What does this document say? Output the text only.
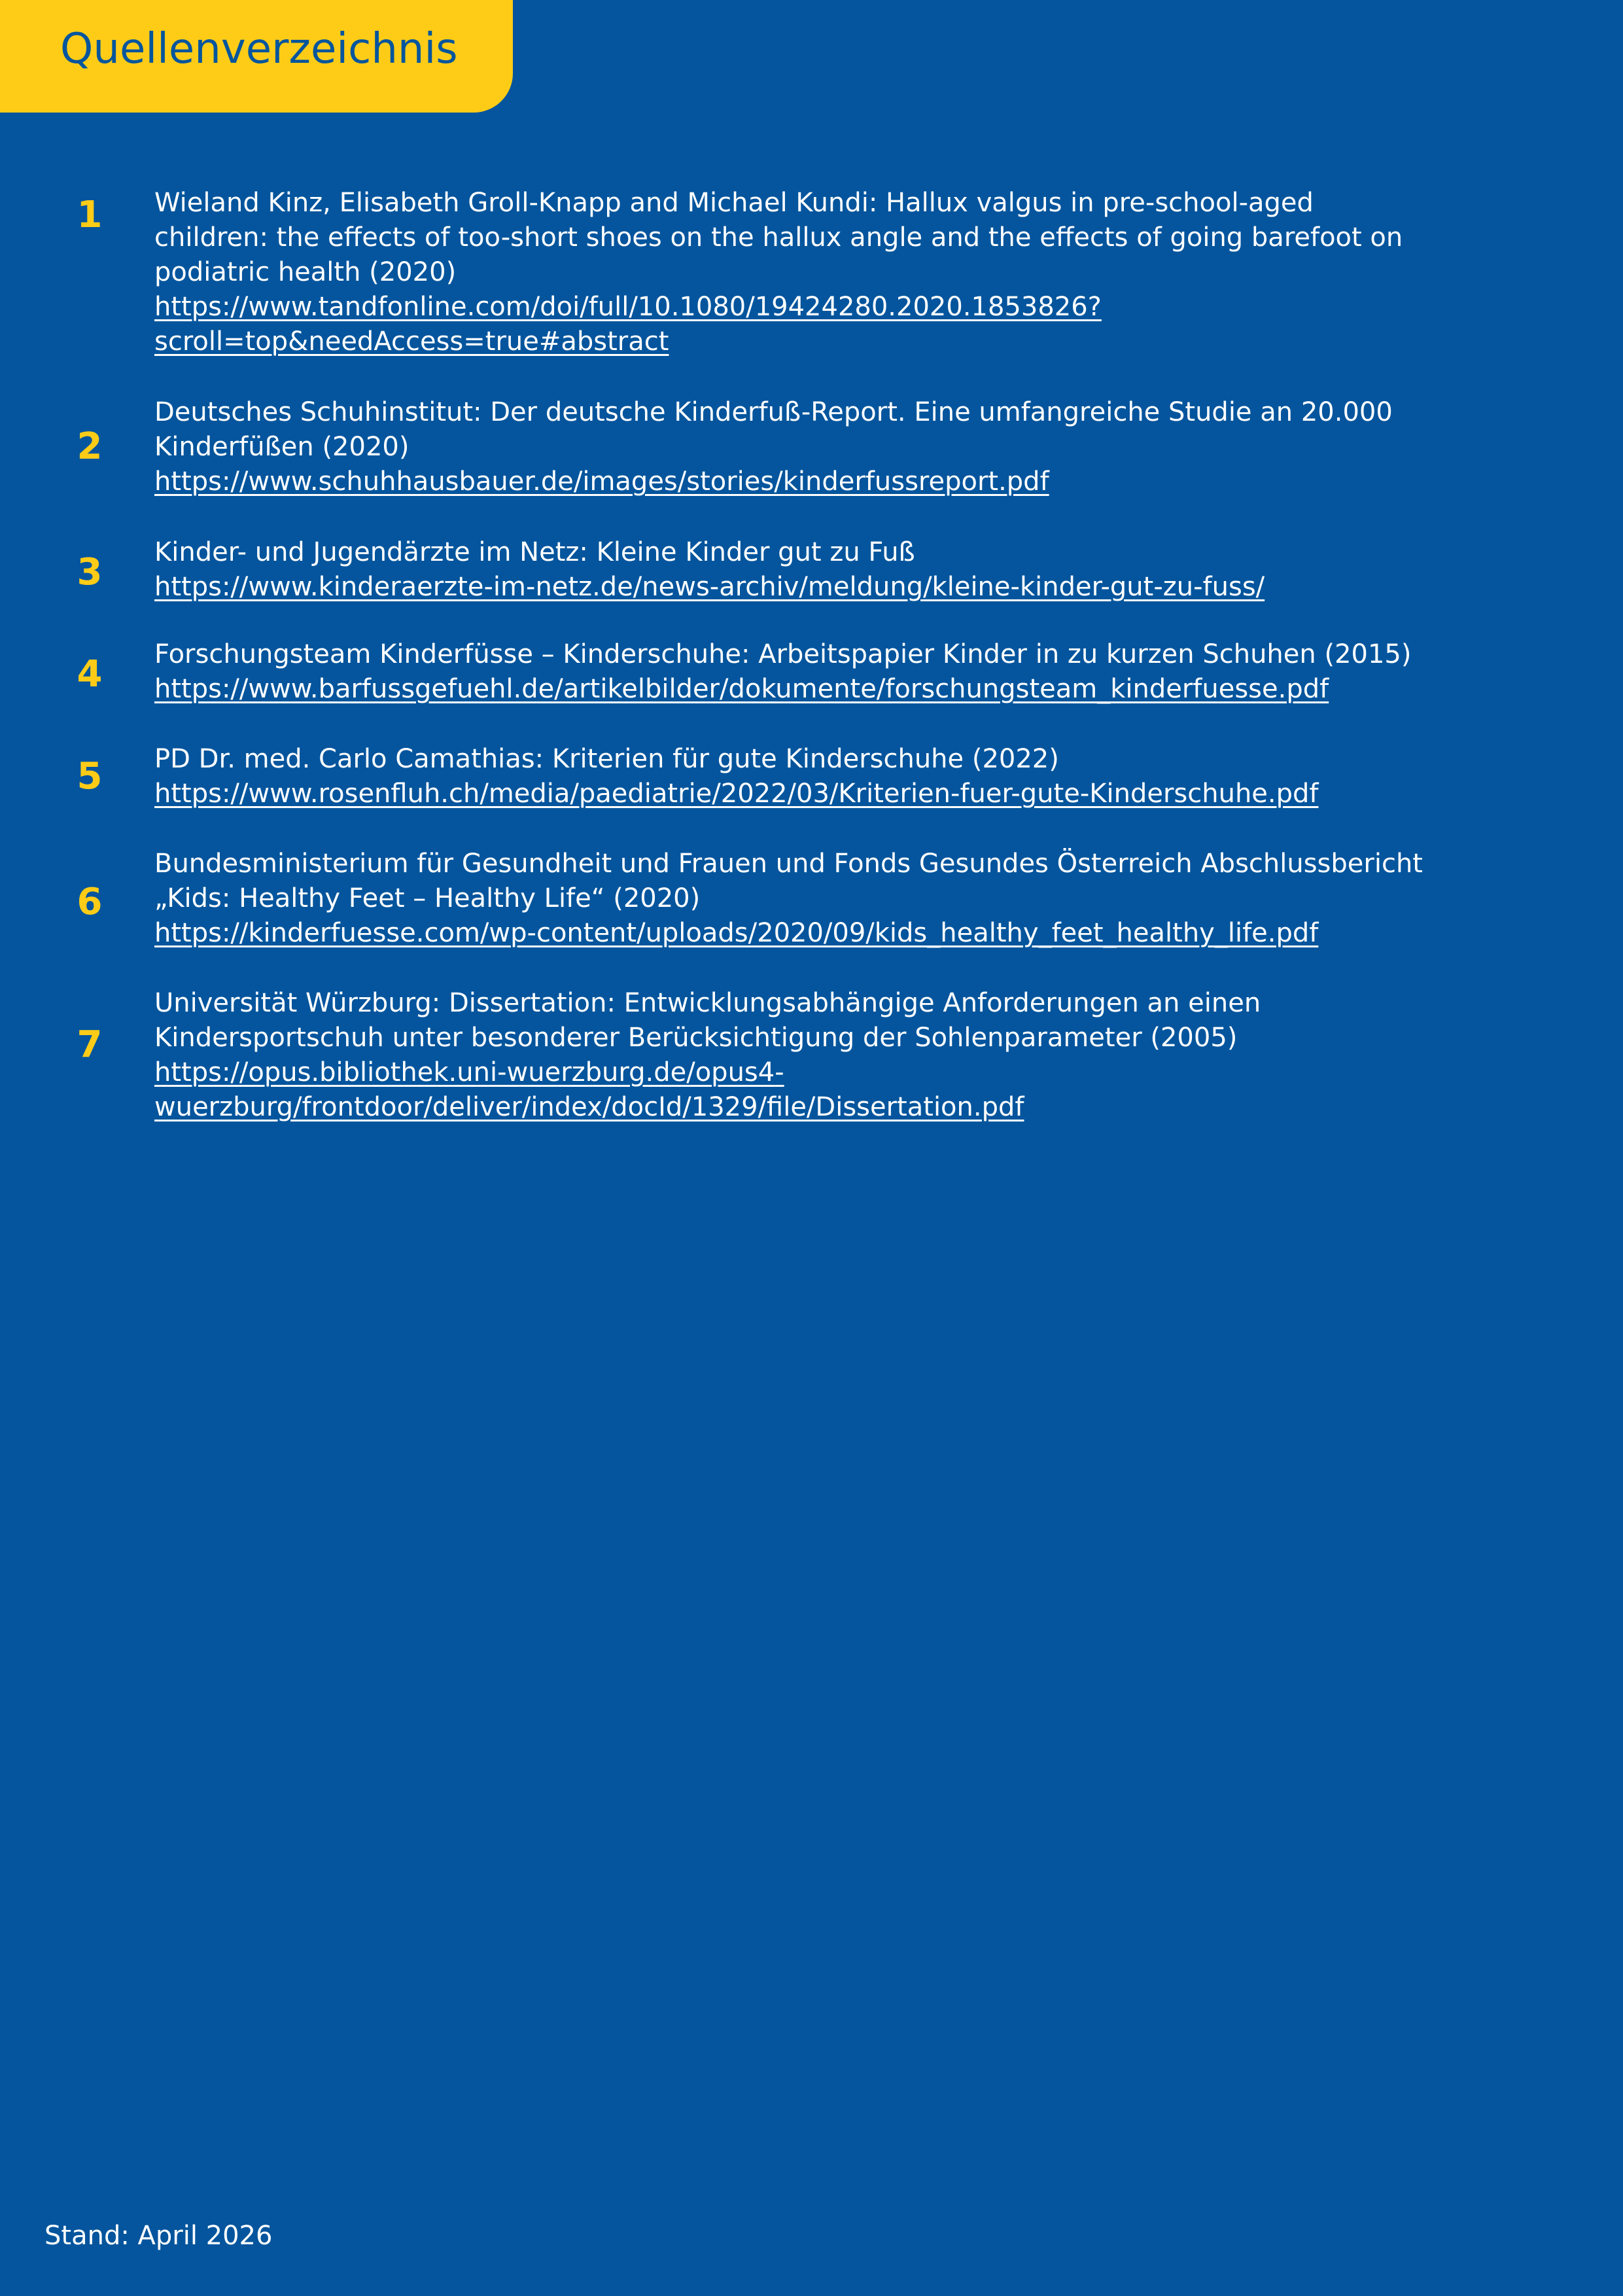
Quellenverzeichnis
1	Wieland Kinz, Elisabeth Groll-Knapp and Michael Kundi: Hallux valgus in pre-school-aged
children: the effects of too-short shoes on the hallux angle and the effects of going barefoot on
podiatric health (2020)
https://www.tandfonline.com/doi/full/10.1080/19424280.2020.1853826?
scroll=top&needAccess=true#abstract
2
Deutsches Schuhinstitut: Der deutsche Kinderfuß-Report. Eine umfangreiche Studie an 20.000
Kinderfüßen (2020)
https://www.schuhhausbauer.de/images/stories/kinderfussreport.pdf
3	Kinder- und Jugendärzte im Netz: Kleine Kinder gut zu Fuß
https://www.kinderaerzte-im-netz.de/news-archiv/meldung/kleine-kinder-gut-zu-fuss/
4	Forschungsteam Kinderfüsse – Kinderschuhe: Arbeitspapier Kinder in zu kurzen Schuhen (2015)
https://www.barfussgefuehl.de/artikelbilder/dokumente/forschungsteam_kinderfuesse.pdf
5	PD Dr. med. Carlo Camathias: Kriterien für gute Kinderschuhe (2022)
https://www.rosenfluh.ch/media/paediatrie/2022/03/Kriterien-fuer-gute-Kinderschuhe.pdf
6
Bundesministerium für Gesundheit und Frauen und Fonds Gesundes Österreich Abschlussbericht
„Kids: Healthy Feet – Healthy Life“ (2020)
https://kinderfuesse.com/wp-content/uploads/2020/09/kids_healthy_feet_healthy_life.pdf
7
Universität Würzburg: Dissertation: Entwicklungsabhängige Anforderungen an einen
Kindersportschuh unter besonderer Berücksichtigung der Sohlenparameter (2005)
https://opus.bibliothek.uni-wuerzburg.de/opus4-
wuerzburg/frontdoor/deliver/index/docId/1329/file/Dissertation.pdf
Stand: April 2026
